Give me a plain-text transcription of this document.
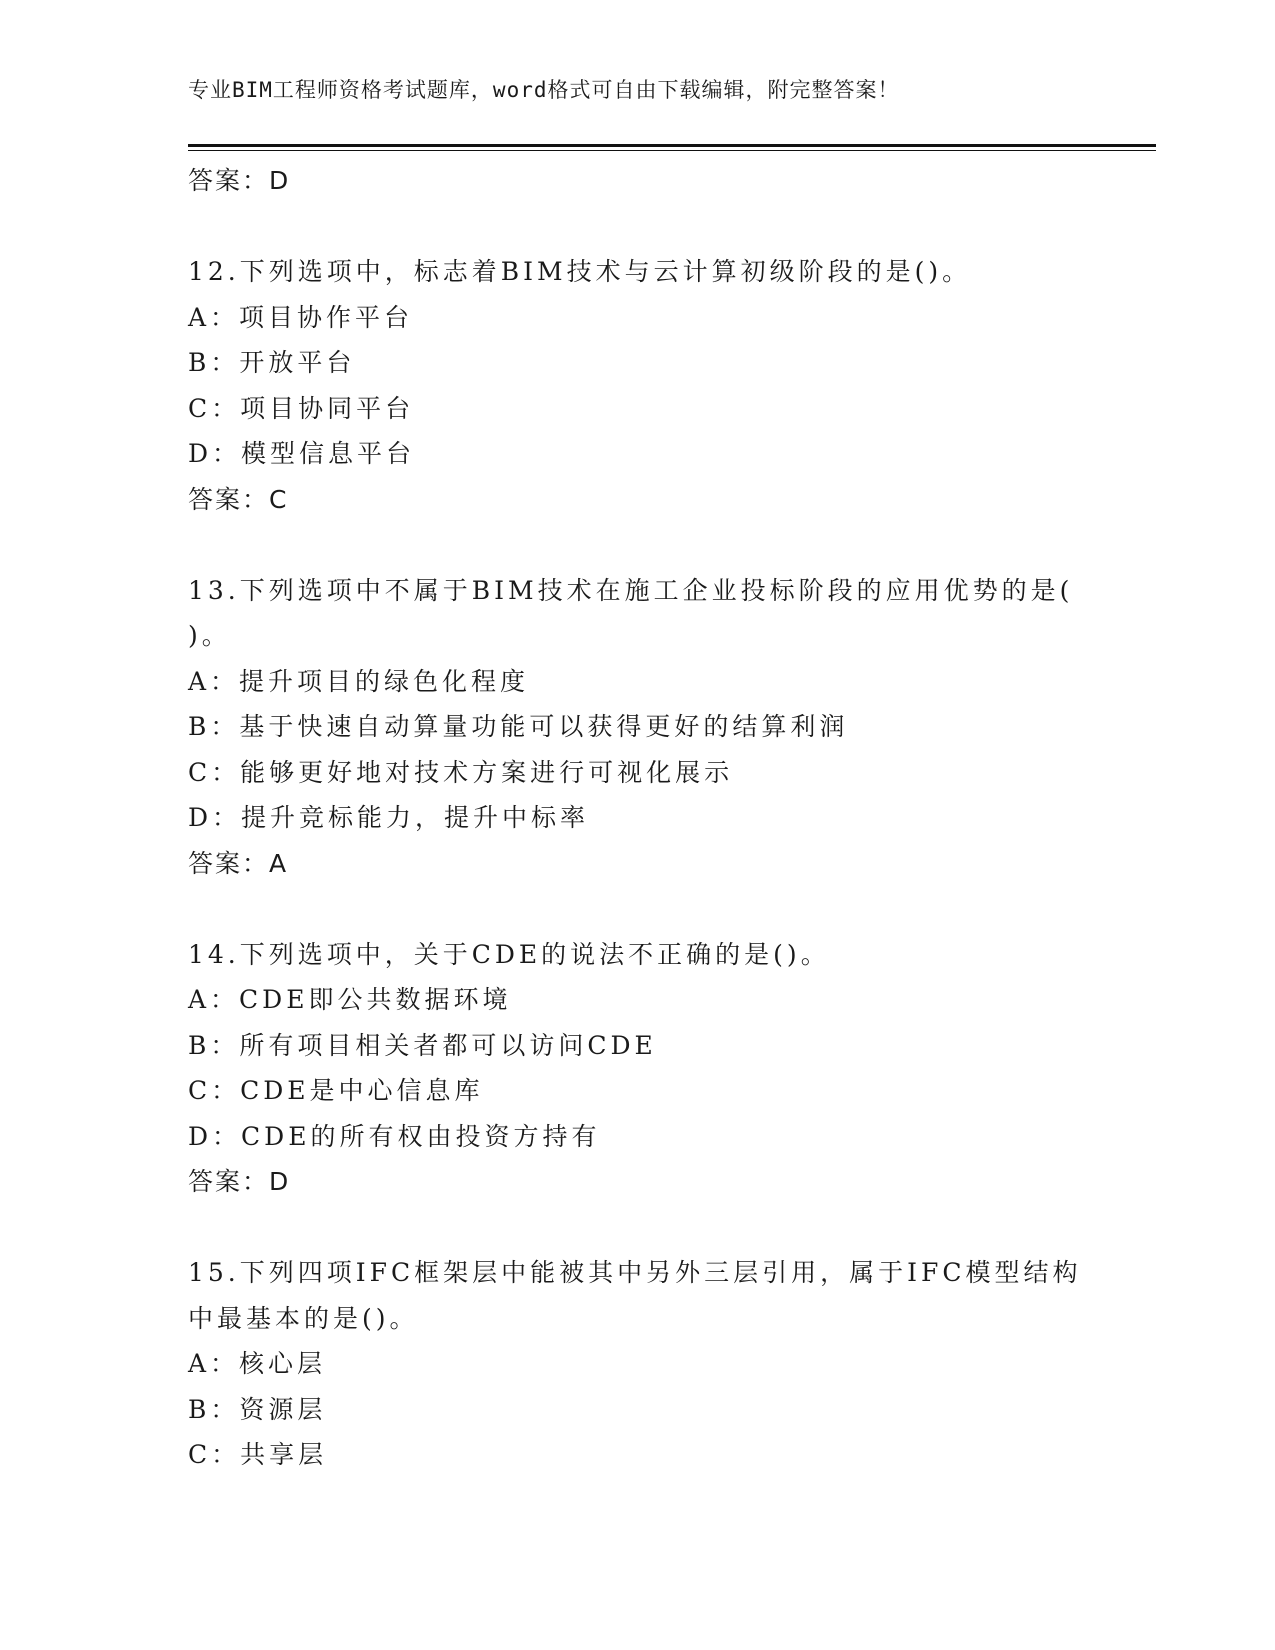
专业BIM工程师资格考试题库，word格式可自由下载编辑，附完整答案！
答案：D
12.下列选项中，标志着BIM技术与云计算初级阶段的是()。
A：项目协作平台
B：开放平台
C：项目协同平台
D：模型信息平台
答案：C
13.下列选项中不属于BIM技术在施工企业投标阶段的应用优势的是(
)。
A：提升项目的绿色化程度
B：基于快速自动算量功能可以获得更好的结算利润
C：能够更好地对技术方案进行可视化展示
D：提升竞标能力，提升中标率
答案：A
14.下列选项中，关于CDE的说法不正确的是()。
A：CDE即公共数据环境
B：所有项目相关者都可以访问CDE
C：CDE是中心信息库
D：CDE的所有权由投资方持有
答案：D
15.下列四项IFC框架层中能被其中另外三层引用，属于IFC模型结构
中最基本的是()。
A：核心层
B：资源层
C：共享层
